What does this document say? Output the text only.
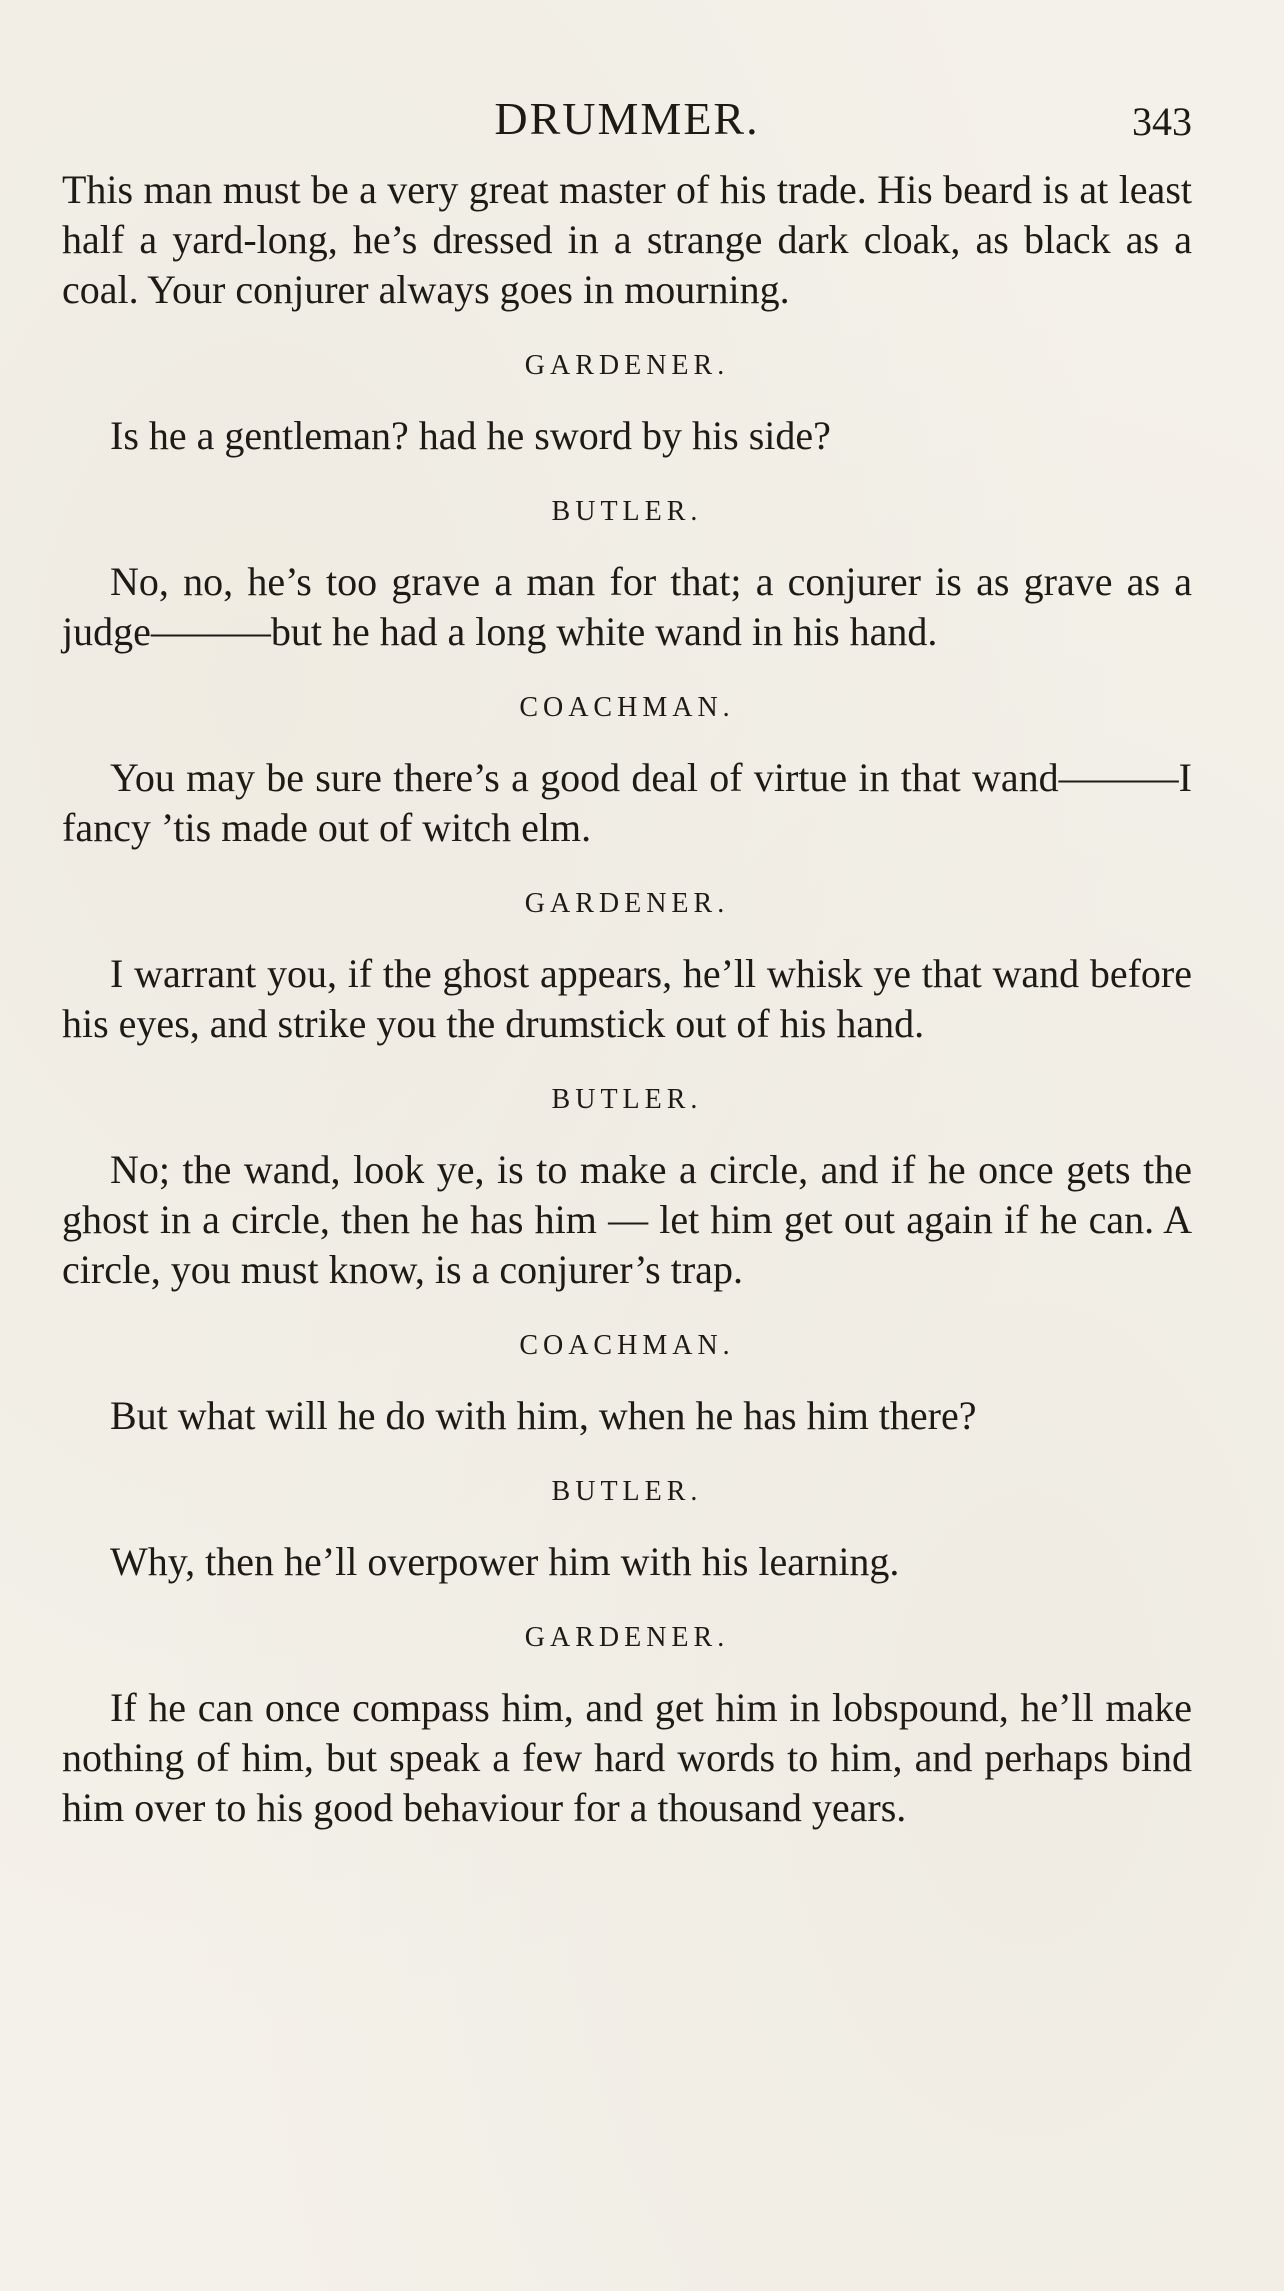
DRUMMER.	343

This man must be a very great master of his trade. His beard is at least half a yard-long, he’s dressed in a strange dark cloak, as black as a coal. Your conjurer always goes in mourning.

GARDENER.

Is he a gentleman? had he sword by his side?

BUTLER.

No, no, he’s too grave a man for that; a conjurer is as grave as a judge———but he had a long white wand in his hand.

COACHMAN.

You may be sure there’s a good deal of virtue in that wand———I fancy ’tis made out of witch elm.

GARDENER.

I warrant you, if the ghost appears, he’ll whisk ye that wand before his eyes, and strike you the drumstick out of his hand.

BUTLER.

No; the wand, look ye, is to make a circle, and if he once gets the ghost in a circle, then he has him — let him get out again if he can. A circle, you must know, is a conjurer’s trap.

COACHMAN.

But what will he do with him, when he has him there?

BUTLER.

Why, then he’ll overpower him with his learning.

GARDENER.

If he can once compass him, and get him in lobspound, he’ll make nothing of him, but speak a few hard words to him, and perhaps bind him over to his good behaviour for a thousand years.
